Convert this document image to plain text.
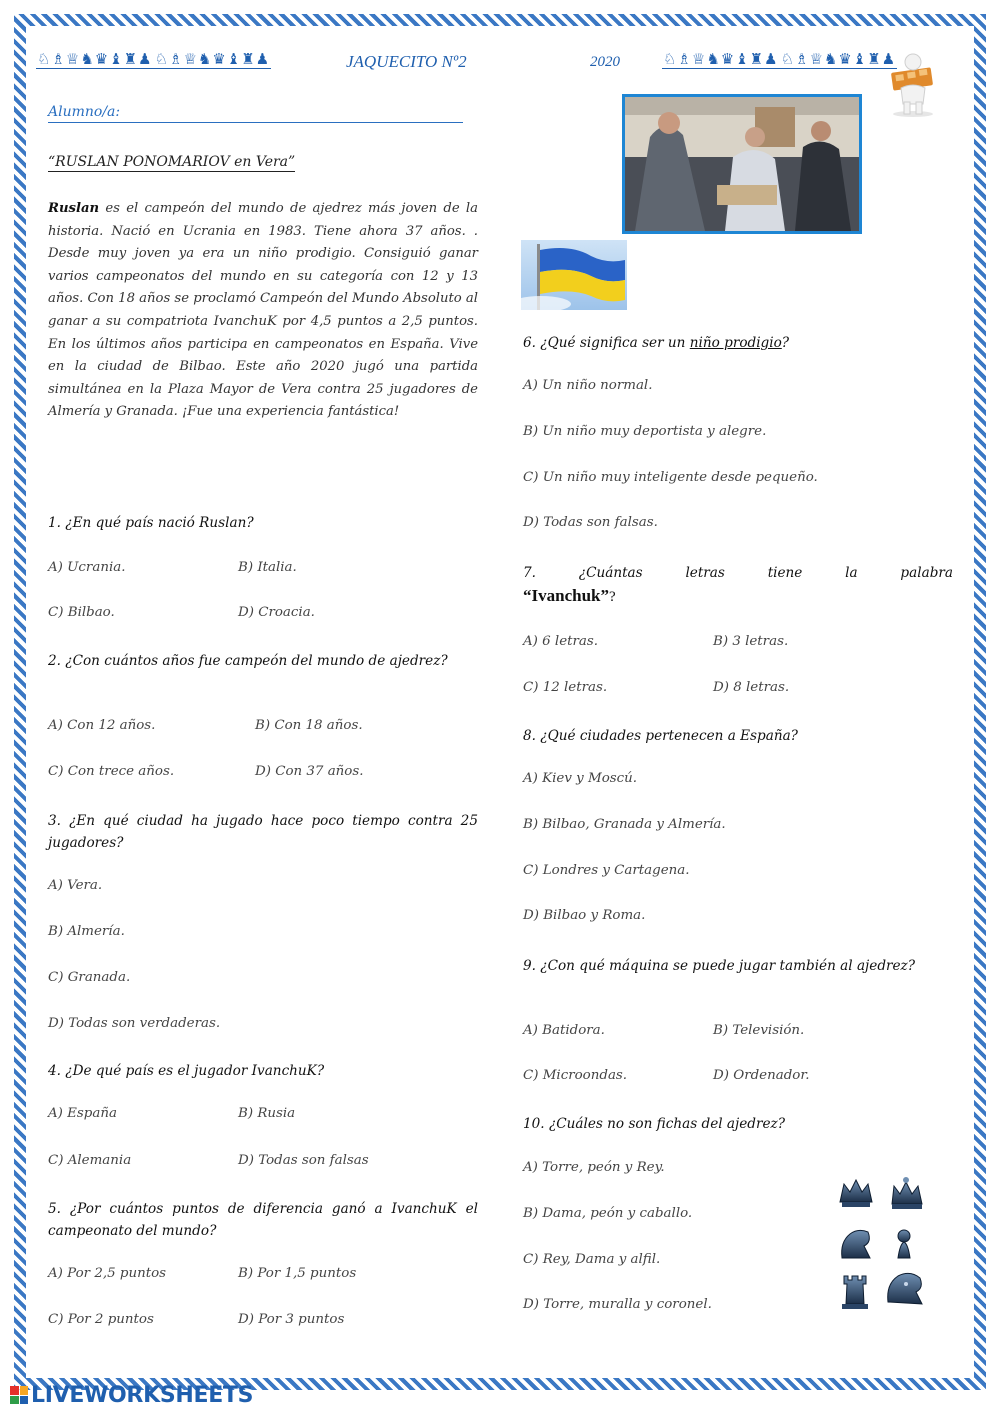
♘♗♕♞♛♝♜♟ ♘♗♕♞♛♝♜♟	JAQUECITO Nº2	2020	♘♗♕♞♛♝♜♟ ♘♗♕♞♛♝♜♟
Alumno/a:
“RUSLAN PONOMARIOV en Vera”
Ruslan es el campeón del mundo de ajedrez más joven de la historia. Nació en Ucrania en 1983. Tiene ahora 37 años. . Desde muy joven ya era un niño prodigio. Consiguió ganar varios campeonatos del mundo en su categoría con 12 y 13 años. Con 18 años se proclamó Campeón del Mundo Absoluto al ganar a su compatriota IvanchuK por 4,5 puntos a 2,5 puntos. En los últimos años participa en campeonatos en España. Vive en la ciudad de Bilbao. Este año 2020 jugó una partida simultánea en la Plaza Mayor de Vera contra 25 jugadores de Almería y Granada. ¡Fue una experiencia fantástica!
1. ¿En qué país nació Ruslan?
A) Ucrania.	B) Italia.
C) Bilbao.	D) Croacia.
2. ¿Con cuántos años fue campeón del mundo de ajedrez?
A) Con 12 años.	B) Con 18 años.
C) Con trece años.	D) Con 37 años.
3. ¿En qué ciudad ha jugado hace poco tiempo contra 25 jugadores?
A) Vera.
B) Almería.
C) Granada.
D) Todas son verdaderas.
4. ¿De qué país es el jugador IvanchuK?
A) España	B) Rusia
C) Alemania	D) Todas son falsas
5. ¿Por cuántos puntos de diferencia ganó a IvanchuK el campeonato del mundo?
A) Por 2,5 puntos	B) Por 1,5 puntos
C) Por 2 puntos	D) Por 3 puntos
6. ¿Qué significa ser un niño prodigio?
A) Un niño normal.
B) Un niño muy deportista y alegre.
C) Un niño muy inteligente desde pequeño.
D) Todas son falsas.
7. ¿Cuántas letras tiene la palabra
“Ivanchuk”?
A) 6 letras.	B) 3 letras.
C) 12 letras.	D) 8 letras.
8. ¿Qué ciudades pertenecen a España?
A) Kiev y Moscú.
B) Bilbao, Granada y Almería.
C) Londres y Cartagena.
D) Bilbao y Roma.
9. ¿Con qué máquina se puede jugar también al ajedrez?
A) Batidora.	B) Televisión.
C) Microondas.	D) Ordenador.
10. ¿Cuáles no son fichas del ajedrez?
A) Torre, peón y Rey.
B) Dama, peón y caballo.
C) Rey, Dama y alfil.
D) Torre, muralla y coronel.
LIVEWORKSHEETS
